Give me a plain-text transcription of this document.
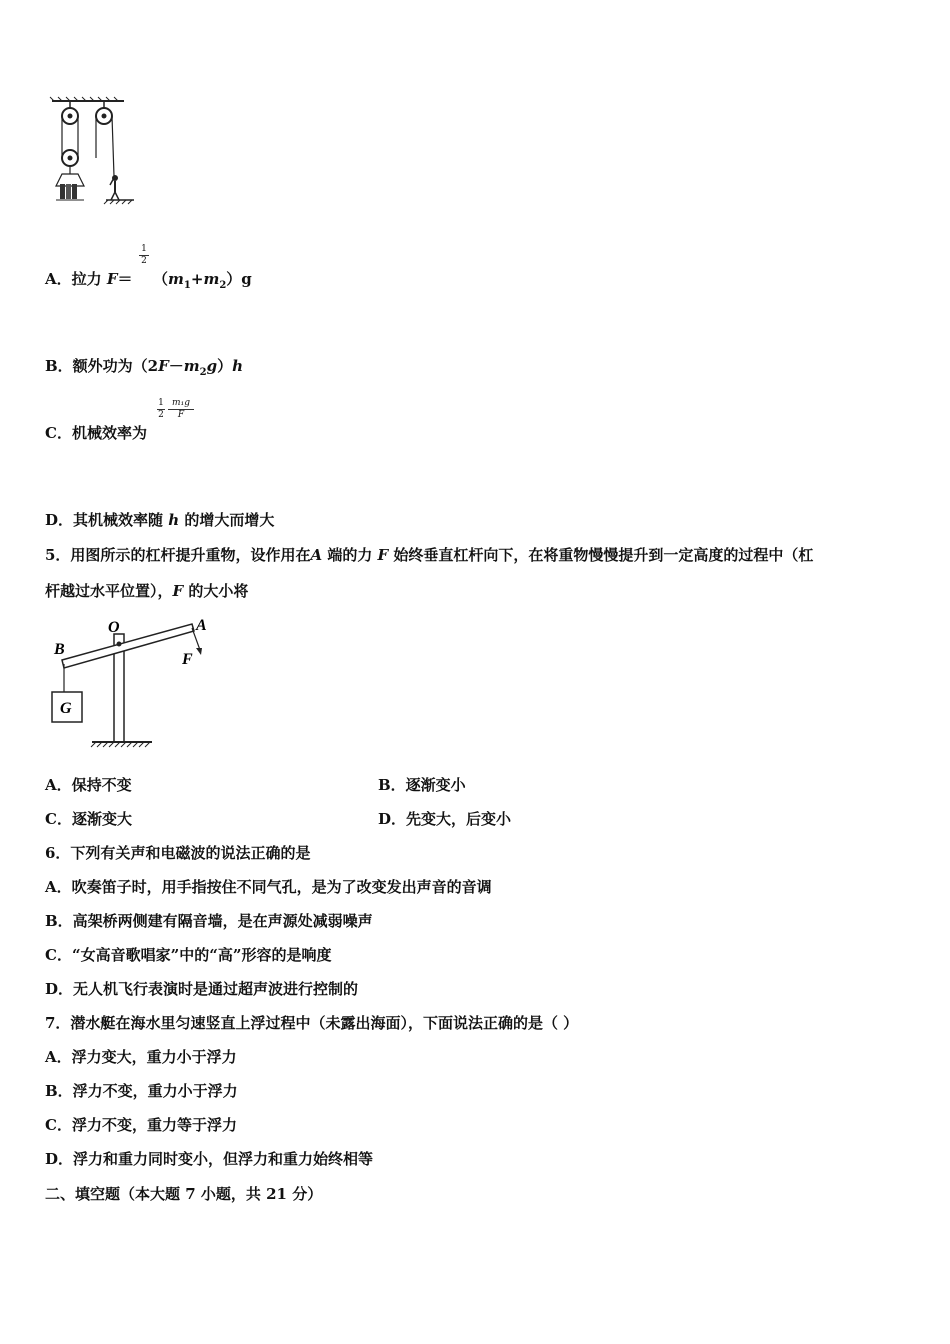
A．拉力 F＝
1
2
$(m_1+m_2)g$
B．额外功为$(2F-m_2g)h$
C．机械效率为
1
2
m₁g
F
D．其机械效率随 h 的增大而增大
5．用图所示的杠杆提升重物，设作用在A 端的力 F 始终垂直杠杆向下，在将重物慢慢提升到一定高度的过程中（杠
杆越过水平位置），F 的大小将
O	A
B
F
G
A．保持不变	B．逐渐变小
C．逐渐变大	D．先变大，后变小
6．下列有关声和电磁波的说法正确的是
A．吹奏笛子时，用手指按住不同气孔，是为了改变发出声音的音调
B．高架桥两侧建有隔音墙，是在声源处减弱噪声
C．“女高音歌唱家”中的“高”形容的是响度
D．无人机飞行表演时是通过超声波进行控制的
7．潜水艇在海水里匀速竖直上浮过程中（未露出海面），下面说法正确的是（ ）
A．浮力变大，重力小于浮力
B．浮力不变，重力小于浮力
C．浮力不变，重力等于浮力
D．浮力和重力同时变小，但浮力和重力始终相等
二、填空题（本大题 7 小题，共 21 分）
